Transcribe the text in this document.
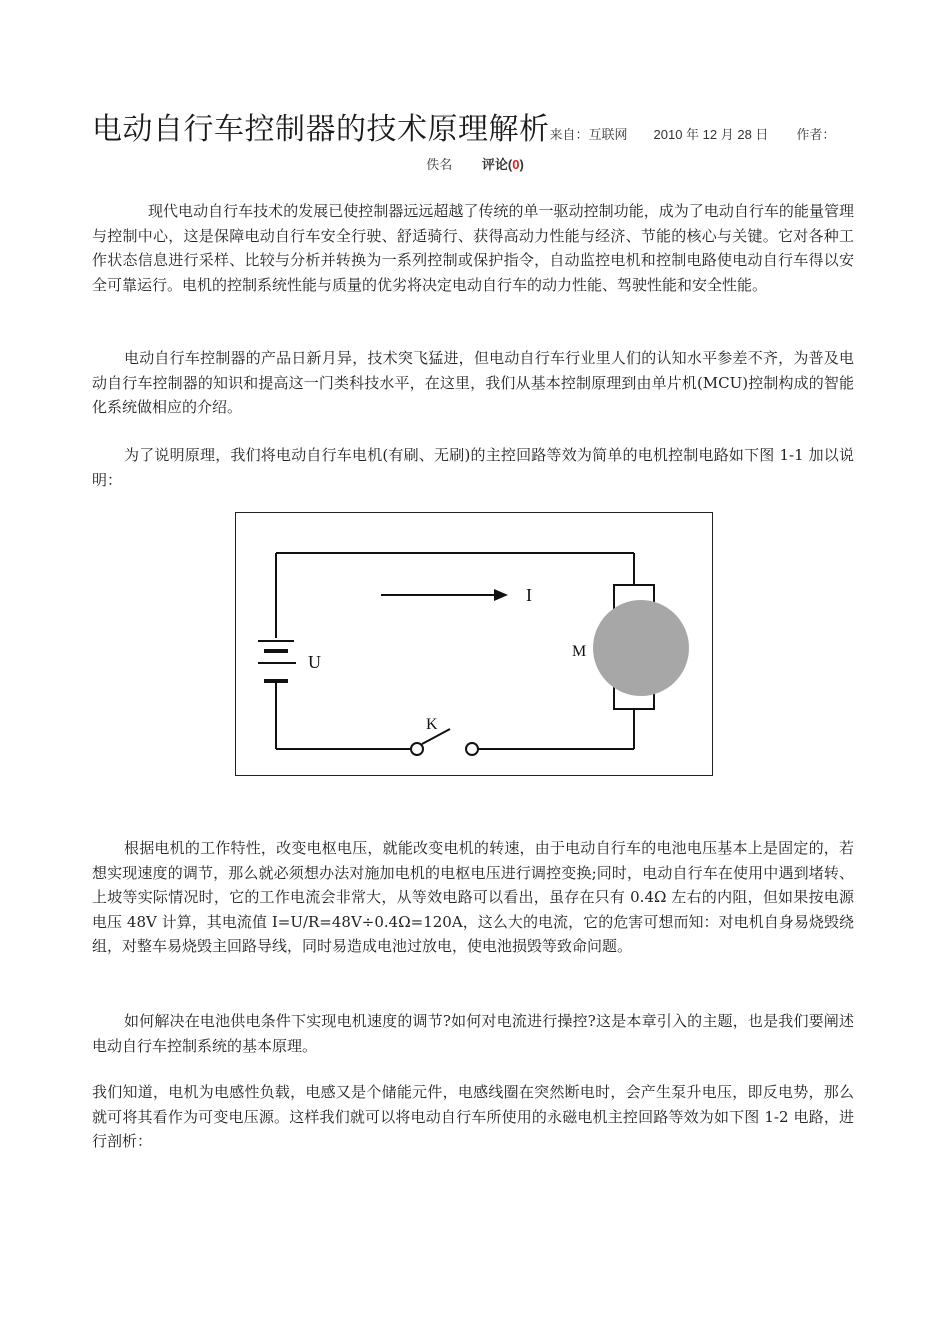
电动自行车控制器的技术原理解析来自：互联网 2010 年 12 月 28 日 作者：
佚名 评论(0)

现代电动自行车技术的发展已使控制器远远超越了传统的单一驱动控制功能，成为了电动自行车的能量管理与控制中心，这是保障电动自行车安全行驶、舒适骑行、获得高动力性能与经济、节能的核心与关键。它对各种工作状态信息进行采样、比较与分析并转换为一系列控制或保护指令，自动监控电机和控制电路使电动自行车得以安全可靠运行。电机的控制系统性能与质量的优劣将决定电动自行车的动力性能、驾驶性能和安全性能。

电动自行车控制器的产品日新月异，技术突飞猛进，但电动自行车行业里人们的认知水平参差不齐，为普及电动自行车控制器的知识和提高这一门类科技水平，在这里，我们从基本控制原理到由单片机(MCU)控制构成的智能化系统做相应的介绍。

为了说明原理，我们将电动自行车电机(有刷、无刷)的主控回路等效为简单的电机控制电路如下图 1-1 加以说明：

I
U
M
K

根据电机的工作特性，改变电枢电压，就能改变电机的转速，由于电动自行车的电池电压基本上是固定的，若想实现速度的调节，那么就必须想办法对施加电机的电枢电压进行调控变换;同时，电动自行车在使用中遇到堵转、上坡等实际情况时，它的工作电流会非常大，从等效电路可以看出，虽存在只有 0.4Ω 左右的内阻，但如果按电源电压 48V 计算，其电流值 I=U/R=48V÷0.4Ω=120A，这么大的电流，它的危害可想而知：对电机自身易烧毁绕组，对整车易烧毁主回路导线，同时易造成电池过放电，使电池损毁等致命问题。

如何解决在电池供电条件下实现电机速度的调节?如何对电流进行操控?这是本章引入的主题，也是我们要阐述电动自行车控制系统的基本原理。

我们知道，电机为电感性负载，电感又是个储能元件，电感线圈在突然断电时，会产生泵升电压，即反电势，那么就可将其看作为可变电压源。这样我们就可以将电动自行车所使用的永磁电机主控回路等效为如下图 1-2 电路，进行剖析：
